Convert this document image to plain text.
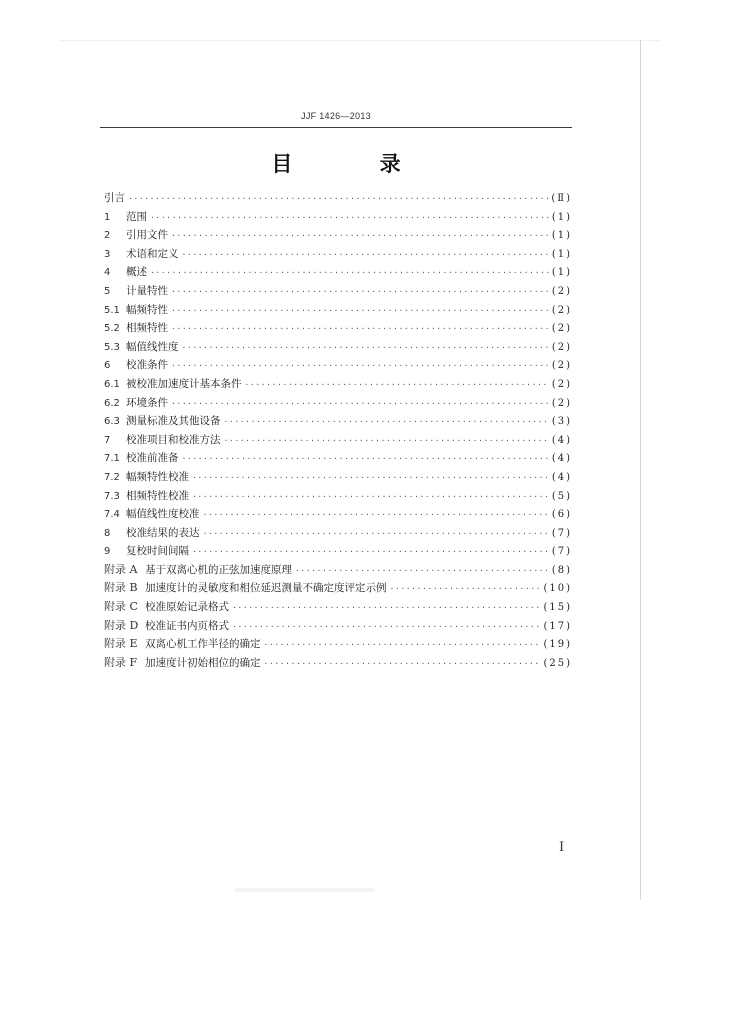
JJF 1426—2013
目 录
引言 ·····	(Ⅱ)
1	范围 ·····	(1)
2	引用文件 ·····	(1)
3	术语和定义 ·····	(1)
4	概述 ·····	(1)
5	计量特性 ·····	(2)
5.1 幅频特性 ·····	(2)
5.2 相频特性 ·····	(2)
5.3 幅值线性度 ·····	(2)
6	校准条件 ·····	(2)
6.1 被校准加速度计基本条件 ·····	(2)
6.2 环境条件 ·····	(2)
6.3 测量标准及其他设备 ·····	(3)
7	校准项目和校准方法 ·····	(4)
7.1 校准前准备 ·····	(4)
7.2 幅频特性校准 ·····	(4)
7.3 相频特性校准 ·····	(5)
7.4 幅值线性度校准 ·····	(6)
8	校准结果的表达 ·····	(7)
9	复校时间间隔 ·····	(7)
附录 A 基于双离心机的正弦加速度原理 ·····	(8)
附录 B 加速度计的灵敏度和相位延迟测量不确定度评定示例 ·····	(10)
附录 C 校准原始记录格式 ·····	(15)
附录 D 校准证书内页格式 ·····	(17)
附录 E 双离心机工作半径的确定 ·····	(19)
附录 F 加速度计初始相位的确定 ·····	(25)
I
